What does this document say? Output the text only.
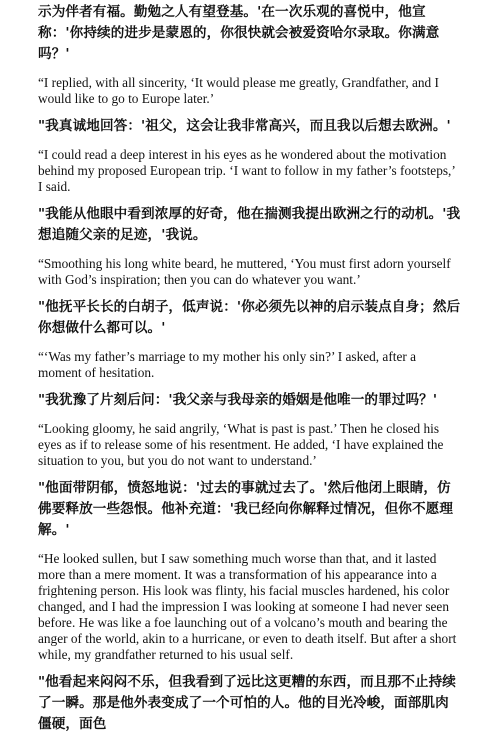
示为伴者有福。勤勉之人有望登基。'在一次乐观的喜悦中，他宣称：'你持续的进步是蒙恩的，你很快就会被爱资哈尔录取。你满意吗？'

“I replied, with all sincerity, ‘It would please me greatly, Grandfather, and I would like to go to Europe later.’

"我真诚地回答：'祖父，这会让我非常高兴，而且我以后想去欧洲。'

“I could read a deep interest in his eyes as he wondered about the motivation behind my proposed European trip. ‘I want to follow in my father’s footsteps,’ I said.

"我能从他眼中看到浓厚的好奇，他在揣测我提出欧洲之行的动机。'我想追随父亲的足迹，'我说。

“Smoothing his long white beard, he muttered, ‘You must first adorn yourself with God’s inspiration; then you can do whatever you want.’

"他抚平长长的白胡子，低声说：'你必须先以神的启示装点自身；然后你想做什么都可以。'

“‘Was my father’s marriage to my mother his only sin?’ I asked, after a moment of hesitation.

"我犹豫了片刻后问：'我父亲与我母亲的婚姻是他唯一的罪过吗？'

“Looking gloomy, he said angrily, ‘What is past is past.’ Then he closed his eyes as if to release some of his resentment. He added, ‘I have explained the situation to you, but you do not want to understand.’

"他面带阴郁，愤怒地说：'过去的事就过去了。'然后他闭上眼睛，仿佛要释放一些怨恨。他补充道：'我已经向你解释过情况，但你不愿理解。'

“He looked sullen, but I saw something much worse than that, and it lasted more than a mere moment. It was a transformation of his appearance into a frightening person. His look was flinty, his facial muscles hardened, his color changed, and I had the impression I was looking at someone I had never seen before. He was like a foe launching out of a volcano’s mouth and bearing the anger of the world, akin to a hurricane, or even to death itself. But after a short while, my grandfather returned to his usual self.

"他看起来闷闷不乐，但我看到了远比这更糟的东西，而且那不止持续了一瞬。那是他外表变成了一个可怕的人。他的目光冷峻，面部肌肉僵硬，面色
